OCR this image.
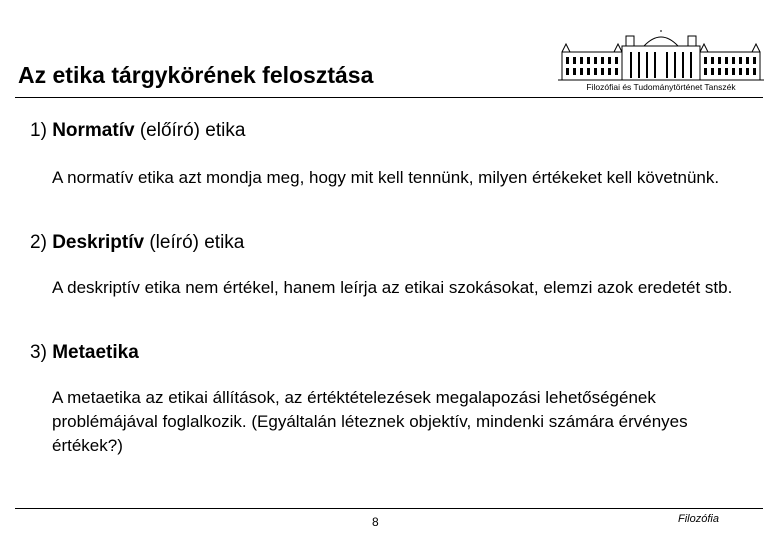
Az etika tárgykörének felosztása	Filozófiai és Tudománytörténet Tanszék
1) Normatív (előíró) etika
A normatív etika azt mondja meg, hogy mit kell tennünk, milyen értékeket kell követnünk.
2) Deskriptív (leíró) etika
A deskriptív etika nem értékel, hanem leírja az etikai szokásokat, elemzi azok eredetét stb.
3) Metaetika
A metaetika az etikai állítások, az értéktételezések megalapozási lehetőségének problémájával foglalkozik. (Egyáltalán léteznek objektív, mindenki számára érvényes értékek?)
8	Filozófia
